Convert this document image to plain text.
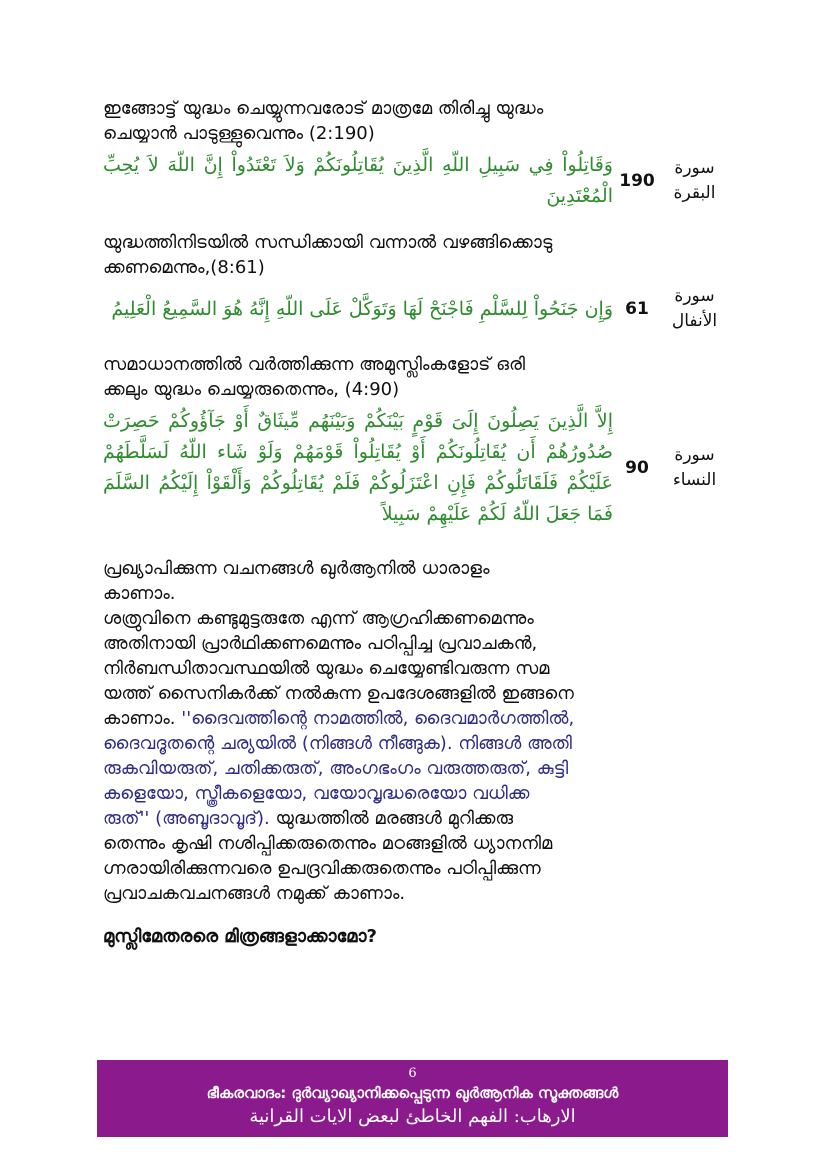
ഇങ്ങോട്ട് യുദ്ധം ചെയ്യുന്നവരോട് മാത്രമേ തിരിച്ചു യുദ്ധം
ചെയ്യാൻ പാടുള്ളുവെന്നും (2:190)
وَقَاتِلُواْ فِي سَبِيلِ اللّهِ الَّذِينَ يُقَاتِلُونَكُمْ وَلاَ تَعْتَدُواْ إِنَّ اللّهَ لاَ يُحِبِّ الْمُعْتَدِينَ
190
سورة
البقرة
യുദ്ധത്തിനിടയിൽ സന്ധിക്കായി വന്നാൽ വഴങ്ങിക്കൊടു
ക്കണമെന്നും,(8:61)
وَإِن جَنَحُواْ لِلسَّلْمِ فَاجْنَحْ لَهَا وَتَوَكَّلْ عَلَى اللّهِ إِنَّهُ هُوَ السَّمِيعُ الْعَلِيمُ 61
سورة
الأنفال
സമാധാനത്തിൽ വർത്തിക്കുന്ന അമുസ്ലിംകളോട് ഒരി
ക്കലും യുദ്ധം ചെയ്യരുതെന്നും, (4:90)
إِلاَّ الَّذِينَ يَصِلُونَ إِلَىَ قَوْمٍ بَيْنَكُمْ وَبَيْنَهُم مِّيثَاقٌ أَوْ جَآؤُوكُمْ حَصِرَتْ صُدُورُهُمْ أَن يُقَاتِلُونَكُمْ أَوْ يُقَاتِلُواْ قَوْمَهُمْ وَلَوْ شَاء اللّهُ لَسَلَّطَهُمْ عَلَيْكُمْ فَلَقَاتَلُوكُمْ فَإِنِ اعْتَزَلُوكُمْ فَلَمْ يُقَاتِلُوكُمْ وَأَلْقَوْاْ إِلَيْكُمُ السَّلَمَ فَمَا جَعَلَ اللّهُ لَكُمْ عَلَيْهِمْ سَبِيلاً
90
سورة
النساء
പ്രഖ്യാപിക്കുന്ന വചനങ്ങൾ ഖുർആനിൽ ധാരാളം
കാണാം.
ശത്രുവിനെ കണ്ടുമുട്ടരുതേ എന്ന് ആഗ്രഹിക്കണമെന്നും
അതിനായി പ്രാർഥിക്കണമെന്നും പഠിപ്പിച്ച പ്രവാചകൻ,
നിർബന്ധിതാവസ്ഥയിൽ യുദ്ധം ചെയ്യേണ്ടിവരുന്ന സമ
യത്ത് സൈനികർക്ക് നൽകുന്ന ഉപദേശങ്ങളിൽ ഇങ്ങനെ
കാണാം. ''ദൈവത്തിന്റെ നാമത്തിൽ, ദൈവമാർഗത്തിൽ,
ദൈവദൂതന്റെ ചര്യയിൽ (നിങ്ങൾ നീങ്ങുക). നിങ്ങൾ അതി
രുകവിയരുത്, ചതിക്കരുത്, അംഗഭംഗം വരുത്തരുത്, കുട്ടി
കളെയോ, സ്ത്രീകളെയോ, വയോവൃദ്ധരെയോ വധിക്ക
രുത്'' (അബൂദാവൂദ്). യുദ്ധത്തിൽ മരങ്ങൾ മുറിക്കരു
തെന്നും കൃഷി നശിപ്പിക്കരുതെന്നും മഠങ്ങളിൽ ധ്യാനനിമ
ഗ്നരായിരിക്കുന്നവരെ ഉപദ്രവിക്കരുതെന്നും പഠിപ്പിക്കുന്ന
പ്രവാചകവചനങ്ങൾ നമുക്ക് കാണാം.
മുസ്ലിമേതരരെ മിത്രങ്ങളാക്കാമോ?
6
ഭീകരവാദം: ദുർവ്യാഖ്യാനിക്കപ്പെടുന്ന ഖുർആനിക സൂക്തങ്ങൾ
الارهاب: الفهم الخاطئ لبعض الايات القرانية
